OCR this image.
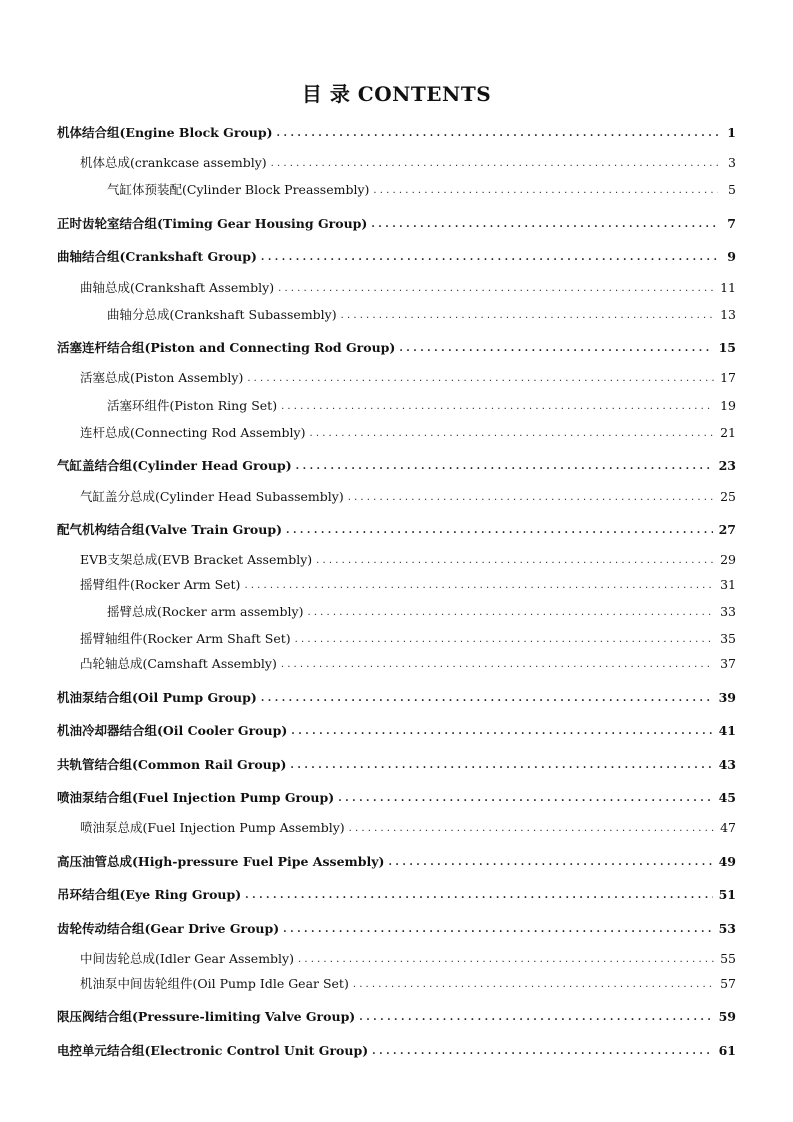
目 录 CONTENTS
机体结合组(Engine Block Group) . . .	1
机体总成(crankcase assembly) . . .	3
气缸体预装配(Cylinder Block Preassembly) . . .	5
正时齿轮室结合组(Timing Gear Housing Group) . . .	7
曲轴结合组(Crankshaft Group) . . .	9
曲轴总成(Crankshaft Assembly) . . .	11
曲轴分总成(Crankshaft Subassembly) . . .	13
活塞连杆结合组(Piston and Connecting Rod Group) . . .	15
活塞总成(Piston Assembly) . . .	17
活塞环组件(Piston Ring Set) . . .	19
连杆总成(Connecting Rod Assembly) . . .	21
气缸盖结合组(Cylinder Head Group) . . .	23
气缸盖分总成(Cylinder Head Subassembly) . . .	25
配气机构结合组(Valve Train Group) . . .	27
EVB支架总成(EVB Bracket Assembly) . . .	29
摇臂组件(Rocker Arm Set) . . .	31
摇臂总成(Rocker arm assembly) . . .	33
摇臂轴组件(Rocker Arm Shaft Set) . . .	35
凸轮轴总成(Camshaft Assembly) . . .	37
机油泵结合组(Oil Pump Group) . . .	39
机油冷却器结合组(Oil Cooler Group) . . .	41
共轨管结合组(Common Rail Group) . . .	43
喷油泵结合组(Fuel Injection Pump Group) . . .	45
喷油泵总成(Fuel Injection Pump Assembly) . . .	47
高压油管总成(High-pressure Fuel Pipe Assembly) . . .	49
吊环结合组(Eye Ring Group) . . .	51
齿轮传动结合组(Gear Drive Group) . . .	53
中间齿轮总成(Idler Gear Assembly) . . .	55
机油泵中间齿轮组件(Oil Pump Idle Gear Set) . . .	57
限压阀结合组(Pressure-limiting Valve Group) . . .	59
电控单元结合组(Electronic Control Unit Group) . . .	61
